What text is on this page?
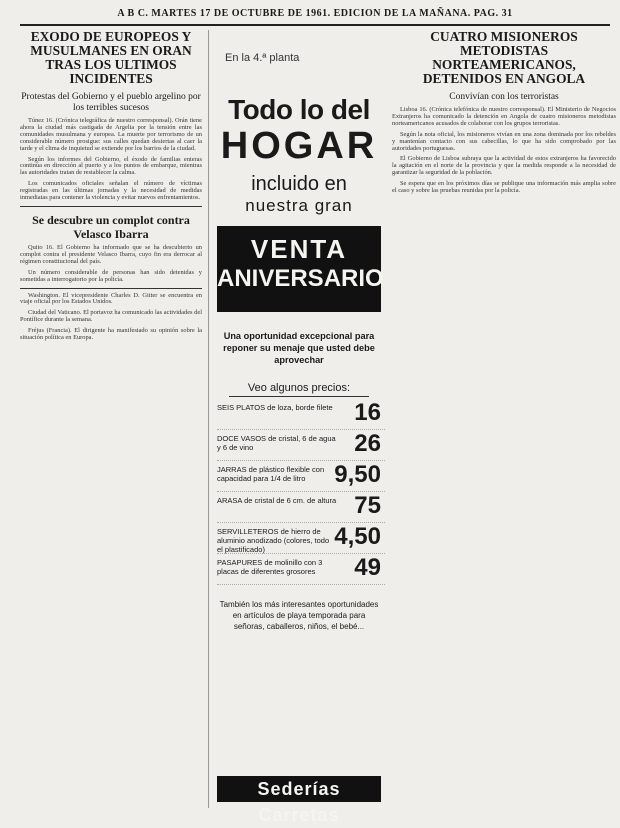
A B C. MARTES 17 DE OCTUBRE DE 1961. EDICION DE LA MAÑANA. PAG. 31
EXODO DE EUROPEOS Y MUSULMANES EN ORAN TRAS LOS ULTIMOS INCIDENTES
Protestas del Gobierno y el pueblo argelino por los terribles sucesos

Túnez 16. (Crónica telegráfica de nuestro corresponsal). Orán tiene ahora la ciudad más castigada de Argelia por la tensión entre las comunidades musulmana y europea. La muerte por terrorismo de un considerable número prosigue: sus calles quedan desiertas al caer la tarde y el clima de inquietud se extiende por los barrios de la ciudad.

Según los informes del Gobierno, el éxodo de familias enteras continúa en dirección al puerto y a los puntos de embarque, mientras las autoridades tratan de restablecer la calma.

Los comunicados oficiales señalan el número de víctimas registradas en las últimas jornadas y la necesidad de medidas inmediatas para contener la violencia y evitar nuevos enfrentamientos.

Se descubre un complot contra Velasco Ibarra

Quito 16. El Gobierno ha informado que se ha descubierto un complot contra el presidente Velasco Ibarra, cuyo fin era derrocar al régimen constitucional del país.

Un número considerable de personas han sido detenidas y sometidas a interrogatorio por la policía.

Washington. El vicepresidente Charles D. Gitter se encuentra en viaje oficial por los Estados Unidos.

Ciudad del Vaticano. El portavoz ha comunicado las actividades del Pontífice durante la semana.

Fréjus (Francia). El dirigente ha manifestado su opinión sobre la situación política en Europa.

En la 4.ª planta
Todo lo del
HOGAR
incluido en
nuestra gran
VENTA
ANIVERSARIO
Una oportunidad excepcional para reponer su menaje que usted debe aprovechar
Veo algunos precios:
SEIS PLATOS de loza, borde filete 16
DOCE VASOS de cristal, 6 de agua y 6 de vino	26
JARRAS de plástico flexible con capacidad para 1/4 de litro	9,50
ARASA de cristal de 6 cm. de altura 75
SERVILLETEROS de hierro de aluminio anodizado (colores, todo el plastificado)	4,50
PASAPURES de molinillo con 3 placas de diferentes grosores	49
También los más interesantes oportunidades en artículos de playa temporada para señoras, caballeros, niños, el bebé...
Sederías Carretas
CUATRO MISIONEROS METODISTAS NORTEAMERICANOS, DETENIDOS EN ANGOLA
Convivían con los terroristas

Lisboa 16. (Crónica telefónica de nuestro corresponsal). El Ministerio de Negocios Extranjeros ha comunicado la detención en Angola de cuatro misioneros metodistas norteamericanos acusados de colaborar con los grupos terroristas.

Según la nota oficial, los misioneros vivían en una zona dominada por los rebeldes y mantenían contacto con sus cabecillas, lo que ha sido comprobado por las autoridades portuguesas.

El Gobierno de Lisboa subraya que la actividad de estos extranjeros ha favorecido la agitación en el norte de la provincia y que la medida responde a la necesidad de garantizar la seguridad de la población.

Se espera que en los próximos días se publique una información más amplia sobre el caso y sobre las pruebas reunidas por la policía.
